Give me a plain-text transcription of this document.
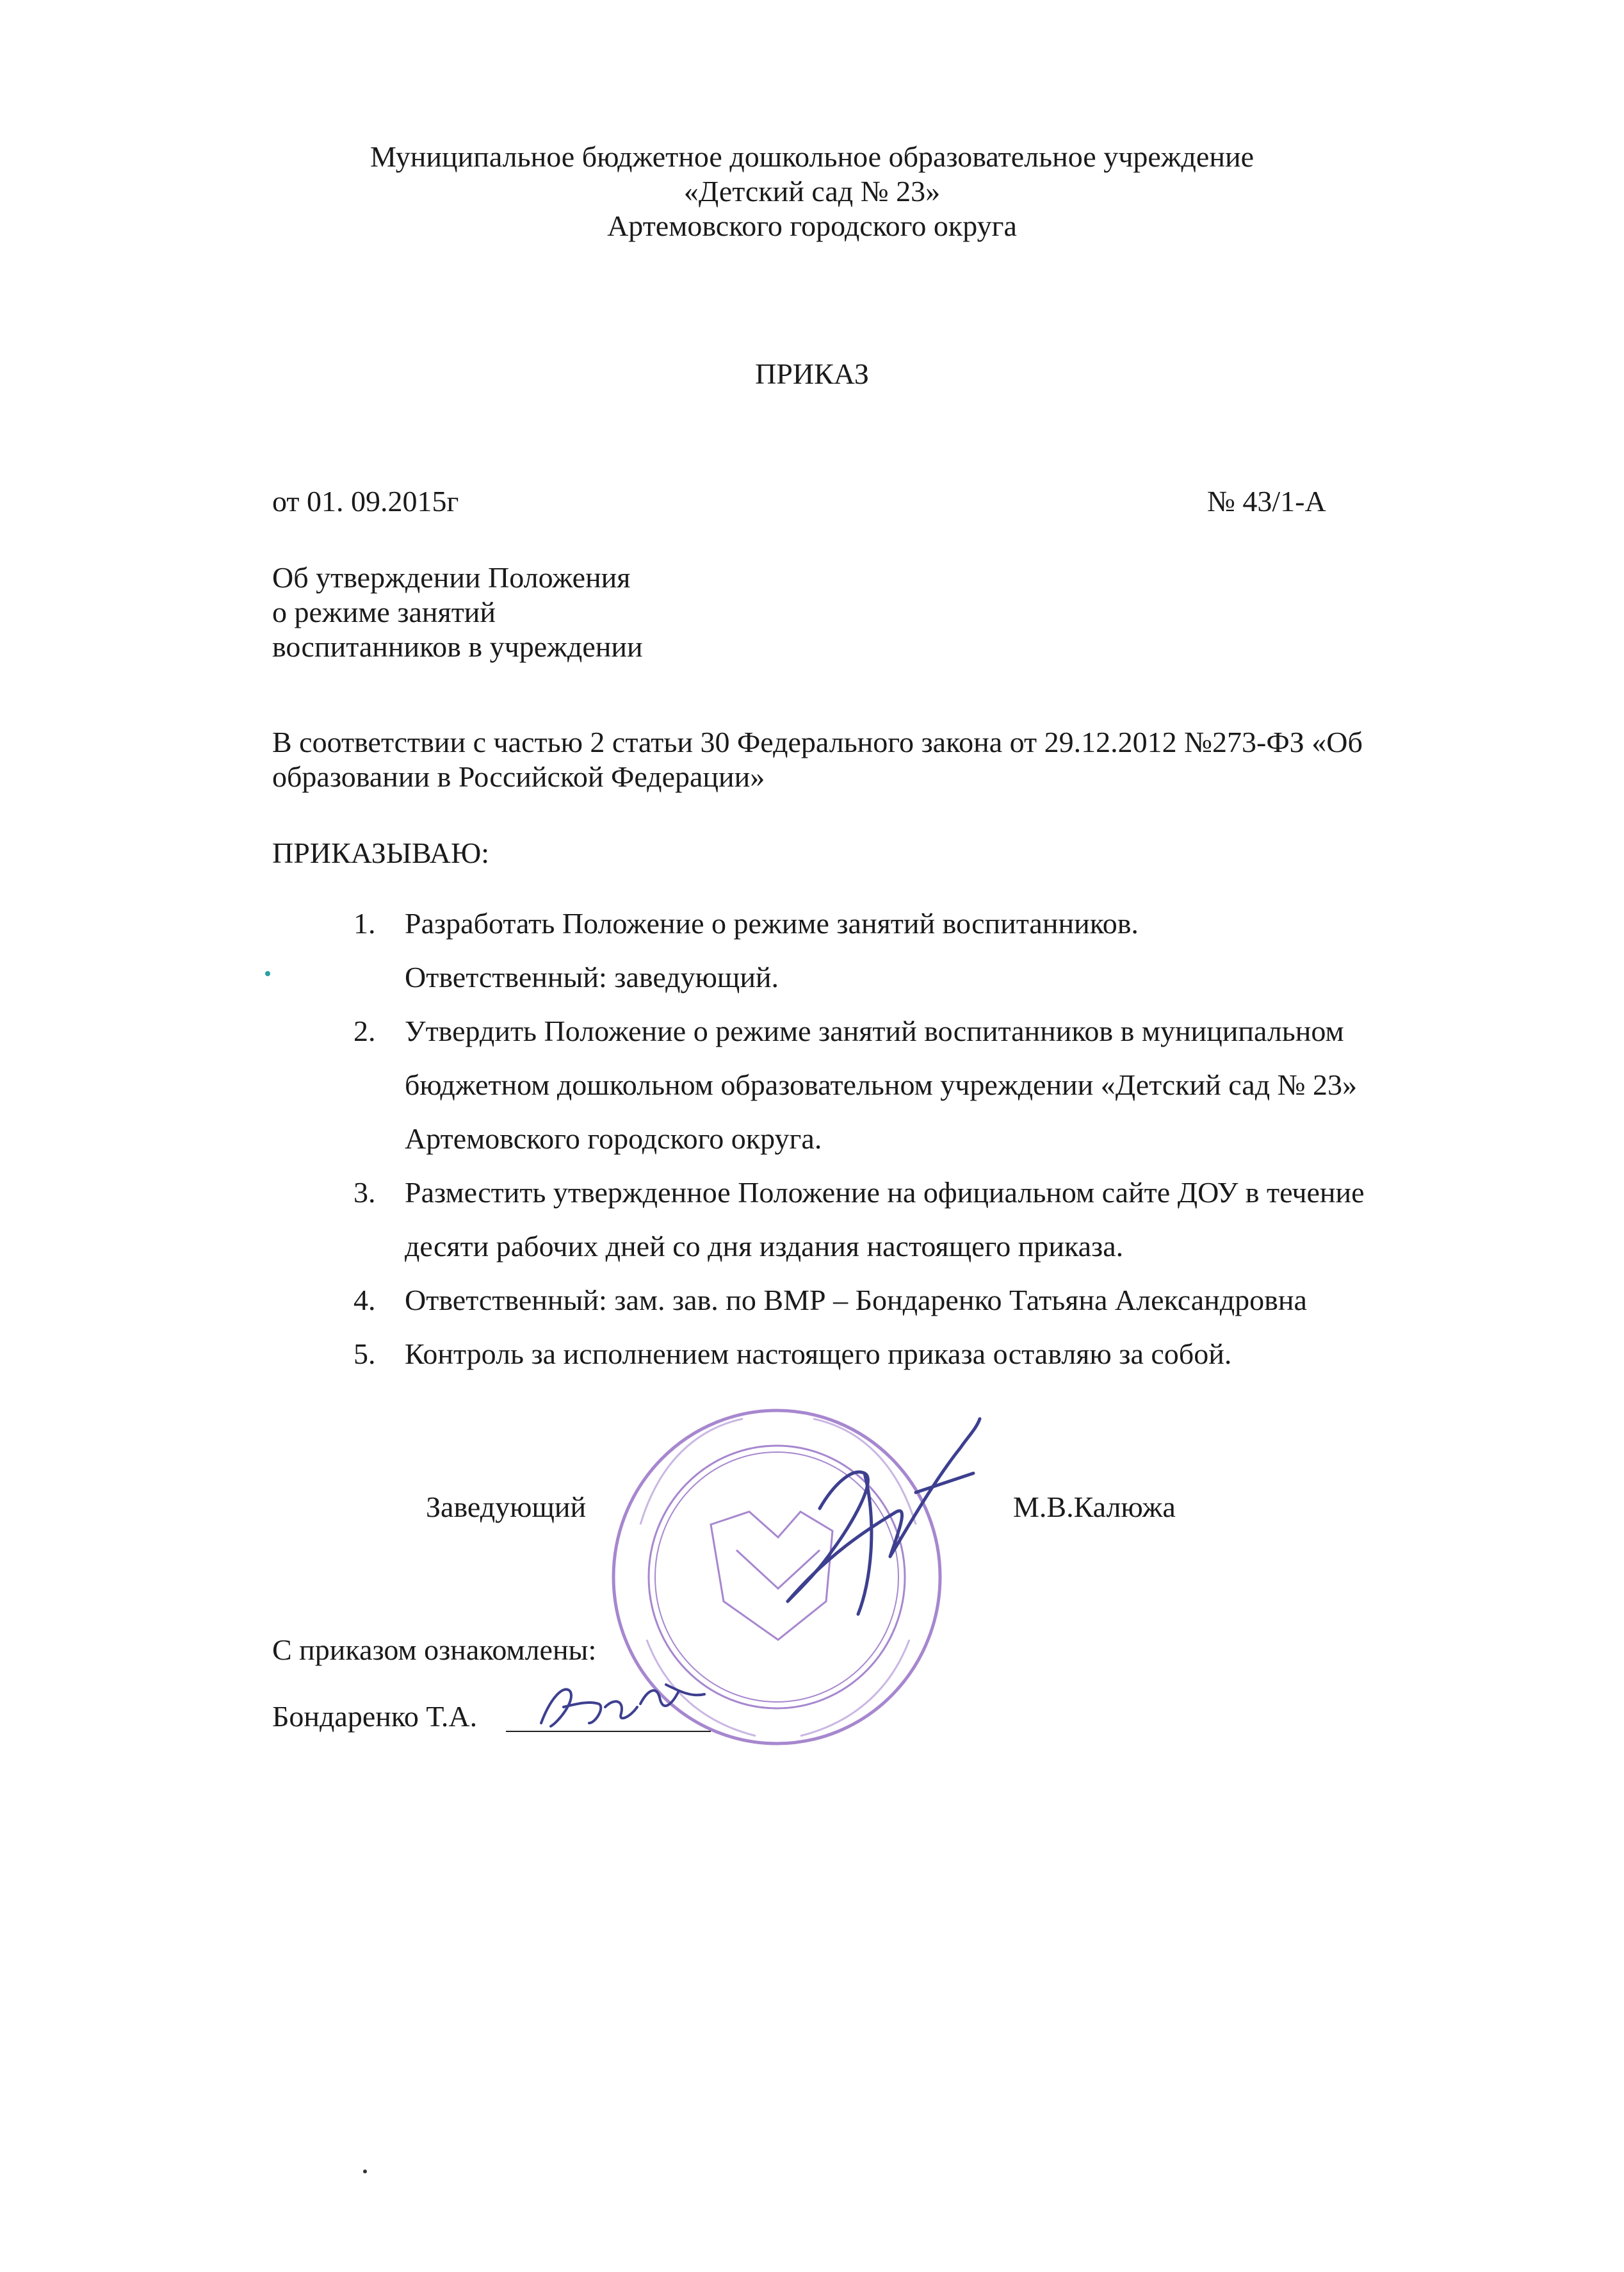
Муниципальное бюджетное дошкольное образовательное учреждение
«Детский сад № 23»
Артемовского городского округа
ПРИКАЗ
от 01. 09.2015г	№ 43/1-А
Об утверждении Положения
о режиме занятий
воспитанников в учреждении
В соответствии с частью 2 статьи 30 Федерального закона от 29.12.2012 №273-ФЗ «Об
образовании в Российской Федерации»
ПРИКАЗЫВАЮ:
1. Разработать Положение о режиме занятий воспитанников.
Ответственный: заведующий.
2. Утвердить Положение о режиме занятий воспитанников в муниципальном
бюджетном дошкольном образовательном учреждении «Детский сад № 23»
Артемовского городского округа.
3. Разместить утвержденное Положение на официальном сайте ДОУ в течение
десяти рабочих дней со дня издания настоящего приказа.
4. Ответственный: зам. зав. по ВМР – Бондаренко Татьяна Александровна
5. Контроль за исполнением настоящего приказа оставляю за собой.
Заведующий	М.В.Калюжа
С приказом ознакомлены:
Бондаренко Т.А.
